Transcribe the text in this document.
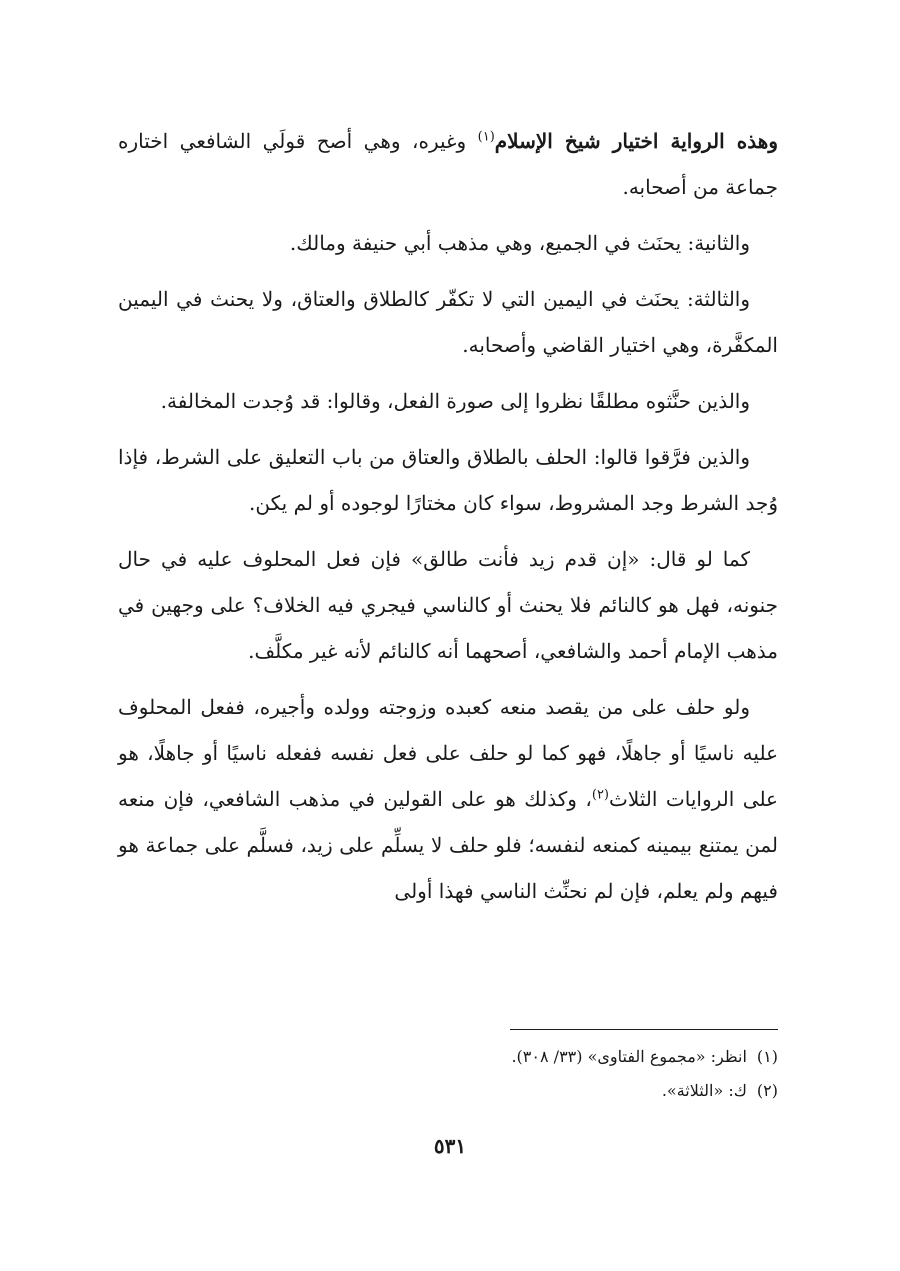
وهذه الرواية اختيار شيخ الإسلام$^{(١)}$ وغيره، وهي أصح قولَي الشافعي اختاره جماعة من أصحابه.

والثانية: يحنَث في الجميع، وهي مذهب أبي حنيفة ومالك.

والثالثة: يحنَث في اليمين التي لا تكفّر كالطلاق والعتاق، ولا يحنث في اليمين المكفَّرة، وهي اختيار القاضي وأصحابه.

والذين حنَّثوه مطلقًا نظروا إلى صورة الفعل، وقالوا: قد وُجدت المخالفة.

والذين فرَّقوا قالوا: الحلف بالطلاق والعتاق من باب التعليق على الشرط، فإذا وُجد الشرط وجد المشروط، سواء كان مختارًا لوجوده أو لم يكن.

كما لو قال: «إن قدم زيد فأنت طالق» فإن فعل المحلوف عليه في حال جنونه، فهل هو كالنائم فلا يحنث أو كالناسي فيجري فيه الخلاف؟ على وجهين في مذهب الإمام أحمد والشافعي، أصحهما أنه كالنائم لأنه غير مكلَّف.

ولو حلف على من يقصد منعه كعبده وزوجته وولده وأجيره، ففعل المحلوف عليه ناسيًا أو جاهلًا، فهو كما لو حلف على فعل نفسه ففعله ناسيًا أو جاهلًا، هو على الروايات الثلاث$^{(٢)}$، وكذلك هو على القولين في مذهب الشافعي، فإن منعه لمن يمتنع بيمينه كمنعه لنفسه؛ فلو حلف لا يسلِّم على زيد، فسلَّم على جماعة هو فيهم ولم يعلم، فإن لم نحنِّث الناسي فهذا أولى

(١)انظر: «مجموع الفتاوى» (٣٣/ ٣٠٨).

(٢)ك: «الثلاثة».

٥٣١
